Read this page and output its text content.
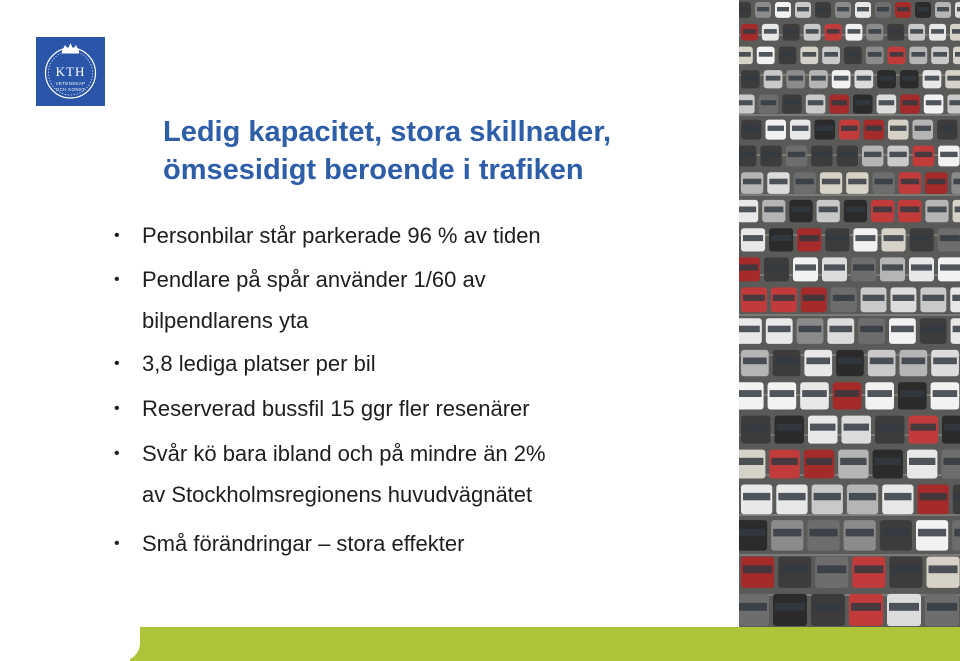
KTH
VETENSKAP
OCH KONST
Ledig kapacitet, stora skillnader,
ömsesidigt beroende i trafiken
• Personbilar står parkerade 96 % av tiden
• Pendlare på spår använder 1/60 av
bilpendlarens yta
• 3,8 lediga platser per bil
• Reserverad bussfil 15 ggr fler resenärer
• Svår kö bara ibland och på mindre än 2%
av Stockholmsregionens huvudvägnätet
• Små förändringar – stora effekter
